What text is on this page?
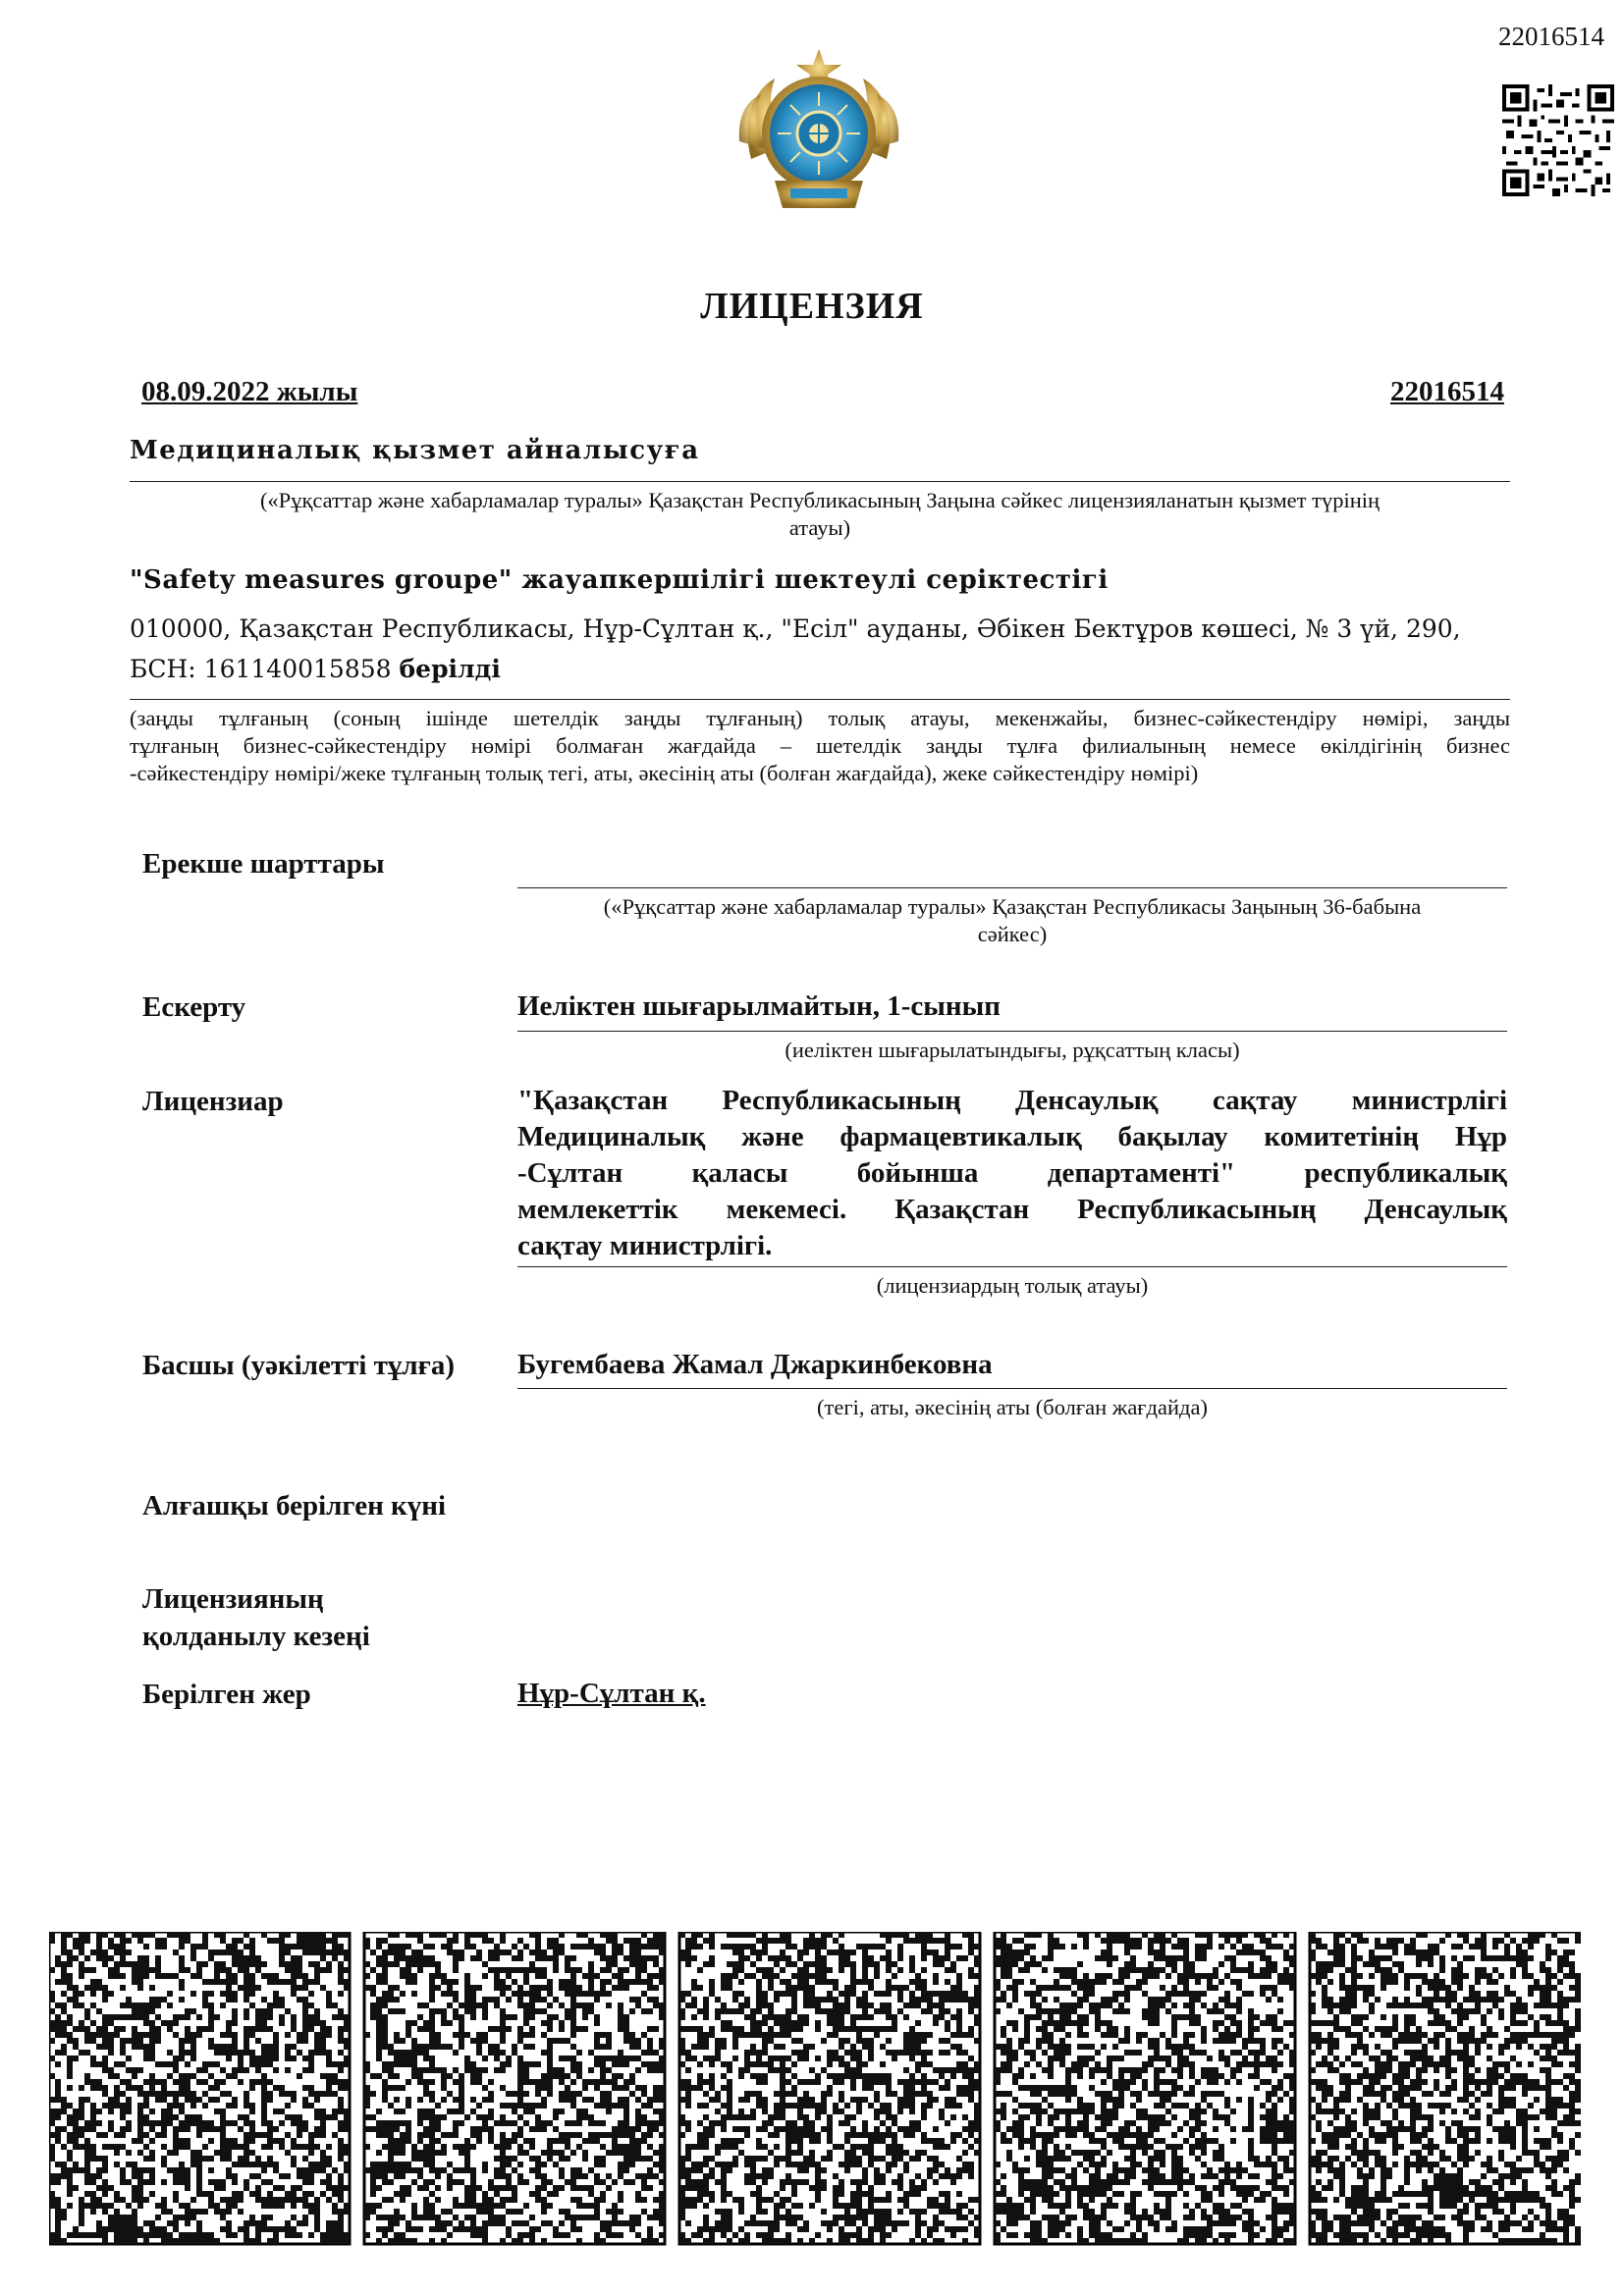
22016514
ЛИЦЕНЗИЯ
08.09.2022 жылы	22016514
Медициналық қызмет айналысуға
(«Рұқсаттар және хабарламалар туралы» Қазақстан Республикасының Заңына сәйкес лицензияланатын қызмет түрінің
атауы)
"Safety measures groupe" жауапкершілігі шектеулі серіктестігі
010000, Қазақстан Республикасы, Нұр-Сұлтан қ., "Есіл" ауданы, Әбікен Бектұров көшесі, № 3 үй, 290,
БСН: 161140015858 берілді
(заңды тұлғаның (соның ішінде шетелдік заңды тұлғаның) толық атауы, мекенжайы, бизнес-сәйкестендіру нөмірі, заңды
тұлғаның бизнес-сәйкестендіру нөмірі болмаған жағдайда – шетелдік заңды тұлға филиалының немесе өкілдігінің бизнес
-сәйкестендіру нөмірі/жеке тұлғаның толық тегі, аты, әкесінің аты (болған жағдайда), жеке сәйкестендіру нөмірі)
Ерекше шарттары
(«Рұқсаттар және хабарламалар туралы» Қазақстан Республикасы Заңының 36-бабына
сәйкес)
Ескерту	Иеліктен шығарылмайтын, 1-сынып
(иеліктен шығарылатындығы, рұқсаттың класы)
Лицензиар	"Қазақстан Республикасының Денсаулық сақтау министрлігі
Медициналық және фармацевтикалық бақылау комитетінің Нұр
-Сұлтан қаласы бойынша департаменті" республикалық
мемлекеттік мекемесі. Қазақстан Республикасының Денсаулық
сақтау министрлігі.
(лицензиардың толық атауы)
Басшы (уәкілетті тұлға) Бугембаева Жамал Джаркинбековна
(тегі, аты, әкесінің аты (болған жағдайда)
Алғашқы берілген күні
Лицензияның
қолданылу кезеңі
Берілген жер	Нұр-Сұлтан қ.
